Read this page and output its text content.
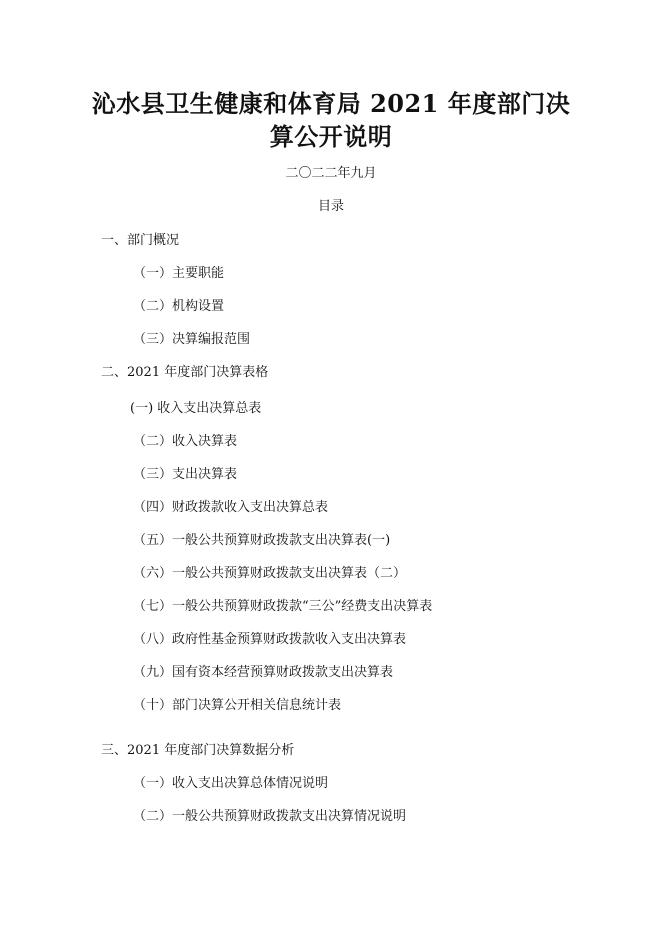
沁水县卫生健康和体育局 2021 年度部门决
算公开说明
二〇二二年九月
目录
一、部门概况
（一）主要职能
（二）机构设置
（三）决算编报范围
二、2021 年度部门决算表格
(一) 收入支出决算总表
（二）收入决算表
（三）支出决算表
（四）财政拨款收入支出决算总表
（五）一般公共预算财政拨款支出决算表(一)
（六）一般公共预算财政拨款支出决算表（二）
（七）一般公共预算财政拨款“三公”经费支出决算表
（八）政府性基金预算财政拨款收入支出决算表
（九）国有资本经营预算财政拨款支出决算表
（十）部门决算公开相关信息统计表
三、2021 年度部门决算数据分析
（一）收入支出决算总体情况说明
（二）一般公共预算财政拨款支出决算情况说明
